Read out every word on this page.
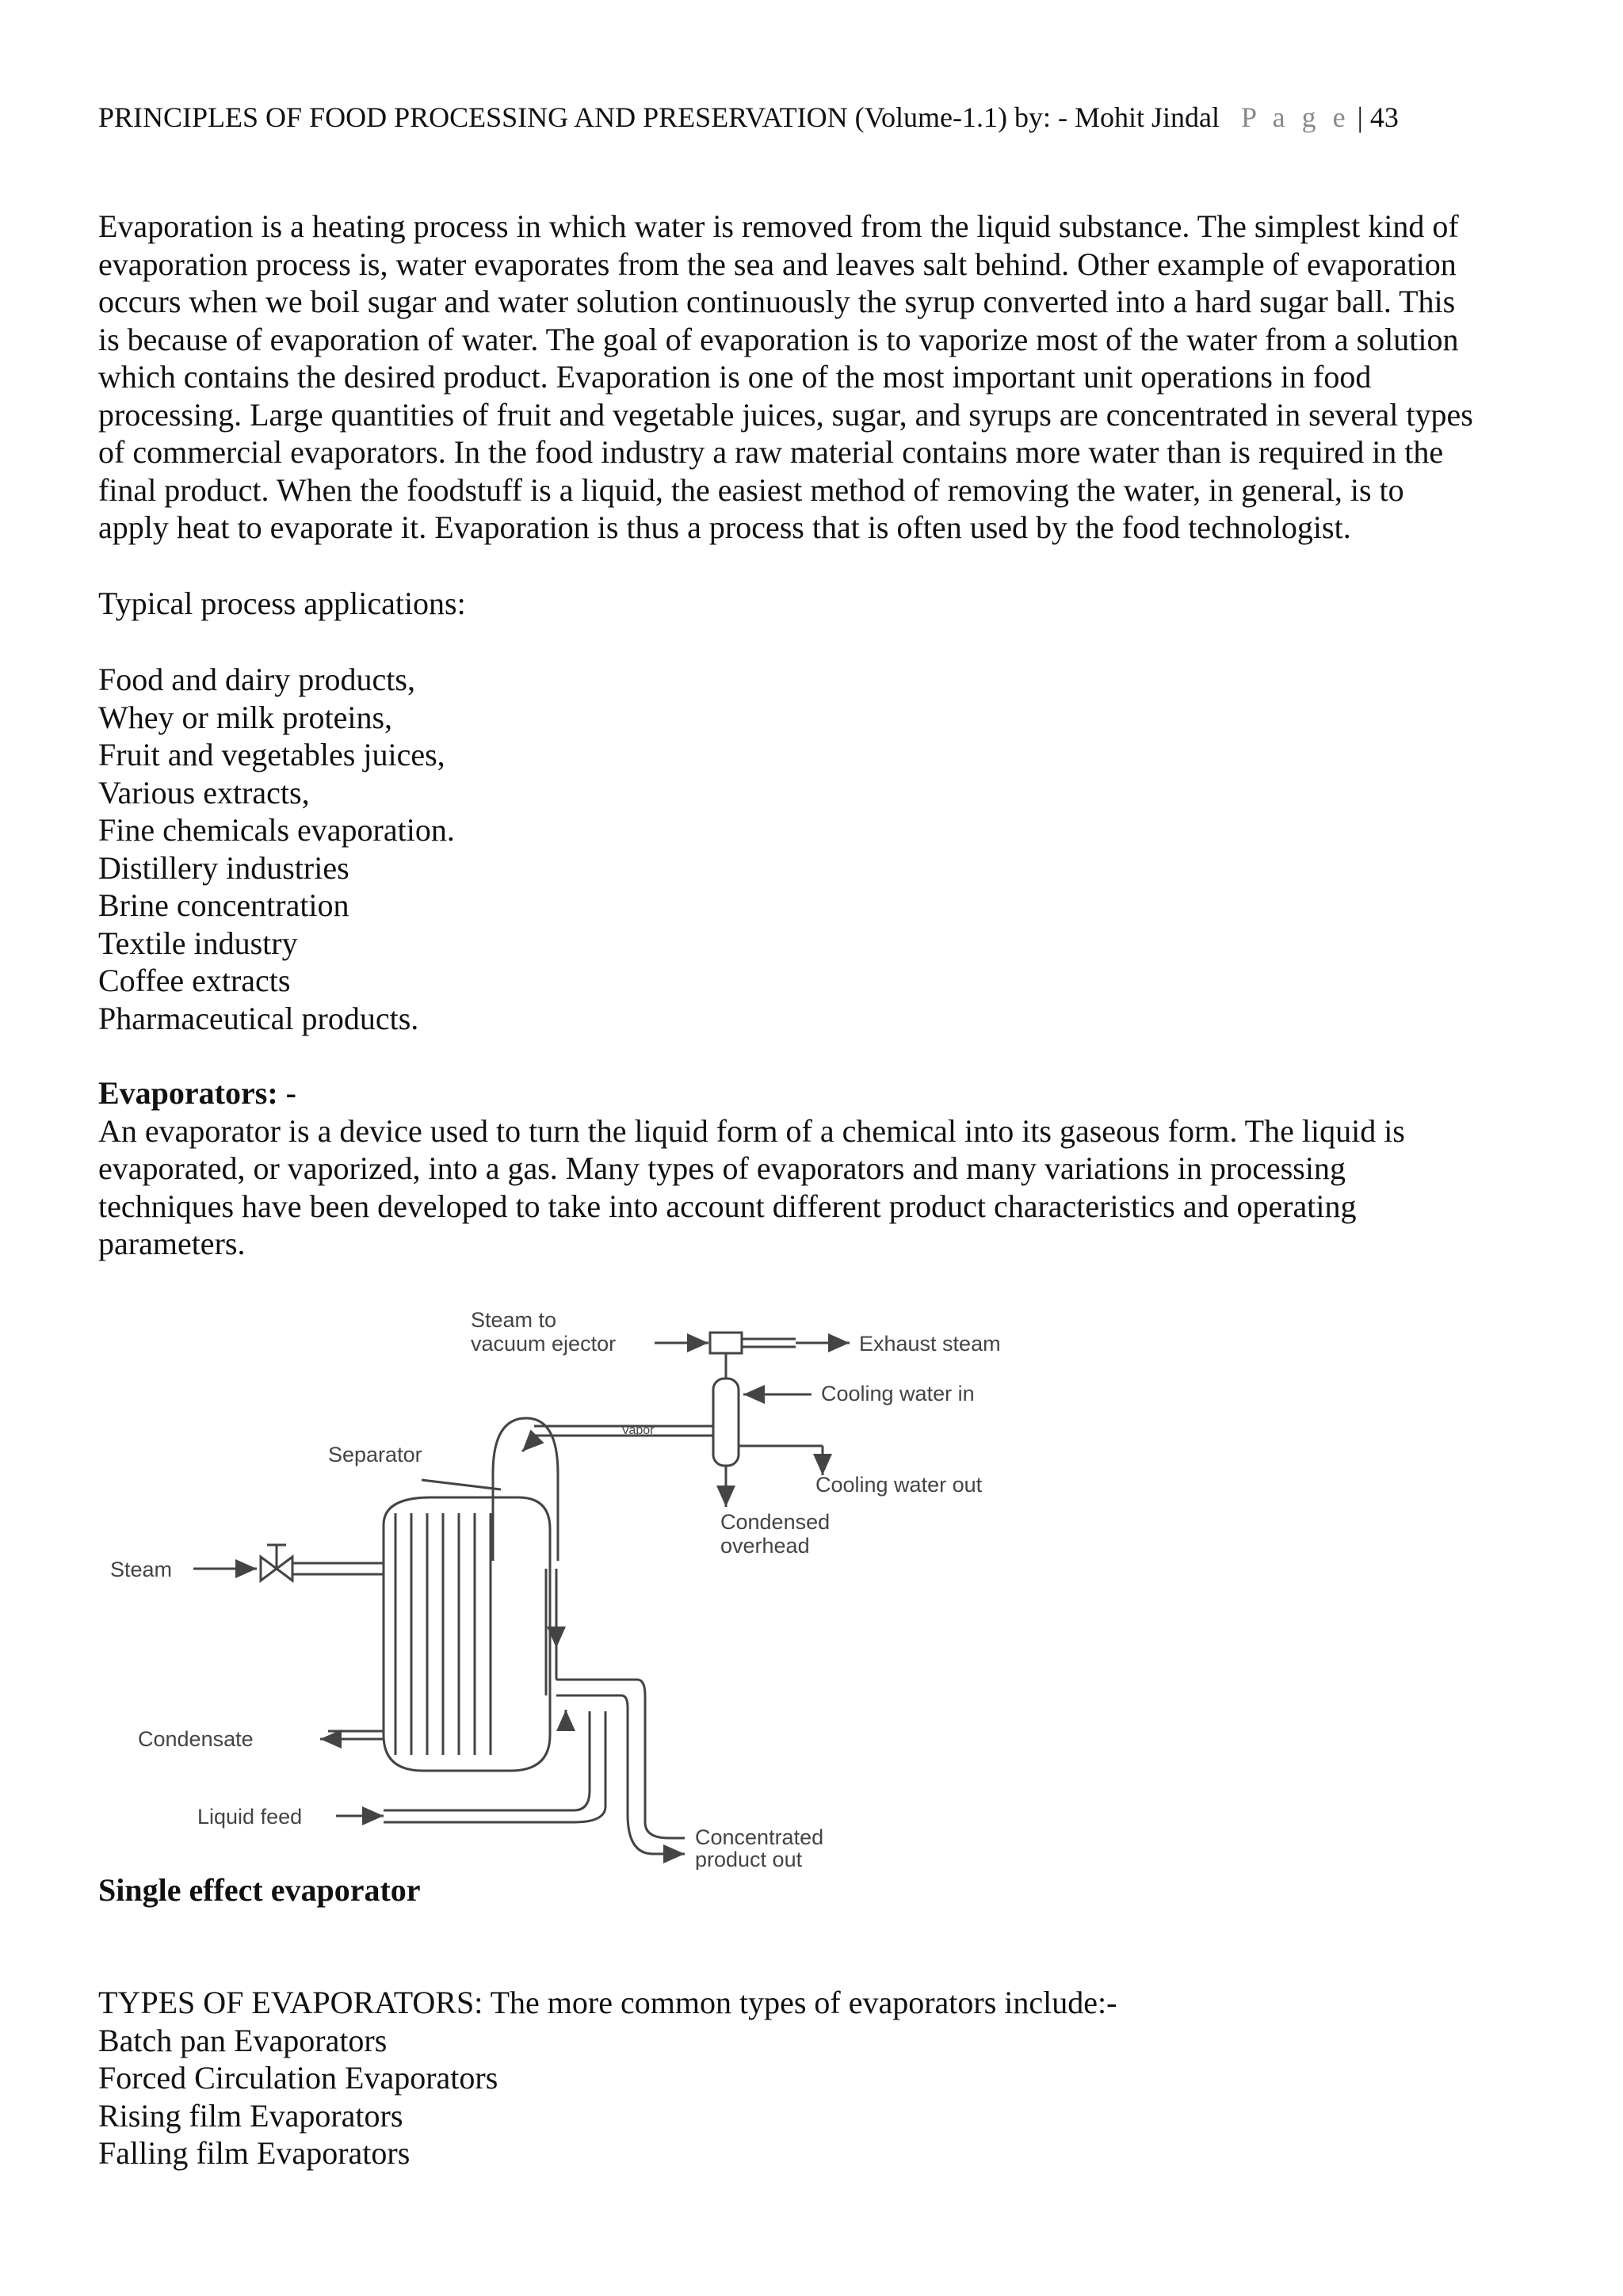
PRINCIPLES OF FOOD PROCESSING AND PRESERVATION (Volume-1.1) by: - Mohit Jindal P a g e | 43
Evaporation is a heating process in which water is removed from the liquid substance. The simplest kind of
evaporation process is, water evaporates from the sea and leaves salt behind. Other example of evaporation
occurs when we boil sugar and water solution continuously the syrup converted into a hard sugar ball. This
is because of evaporation of water. The goal of evaporation is to vaporize most of the water from a solution
which contains the desired product. Evaporation is one of the most important unit operations in food
processing. Large quantities of fruit and vegetable juices, sugar, and syrups are concentrated in several types
of commercial evaporators. In the food industry a raw material contains more water than is required in the
final product. When the foodstuff is a liquid, the easiest method of removing the water, in general, is to
apply heat to evaporate it. Evaporation is thus a process that is often used by the food technologist.
Typical process applications:
Food and dairy products,
Whey or milk proteins,
Fruit and vegetables juices,
Various extracts,
Fine chemicals evaporation.
Distillery industries
Brine concentration
Textile industry
Coffee extracts
Pharmaceutical products.
Evaporators: -
An evaporator is a device used to turn the liquid form of a chemical into its gaseous form. The liquid is
evaporated, or vaporized, into a gas. Many types of evaporators and many variations in processing
techniques have been developed to take into account different product characteristics and operating
parameters.
Steam to
vacuum ejector	Exhaust steam
Cooling water in
Separator
Vapor
Cooling water out
Condensed
overhead
Steam
Condensate
Liquid feed
Concentrated
product out
Single effect evaporator
TYPES OF EVAPORATORS: The more common types of evaporators include:-
Batch pan Evaporators
Forced Circulation Evaporators
Rising film Evaporators
Falling film Evaporators
